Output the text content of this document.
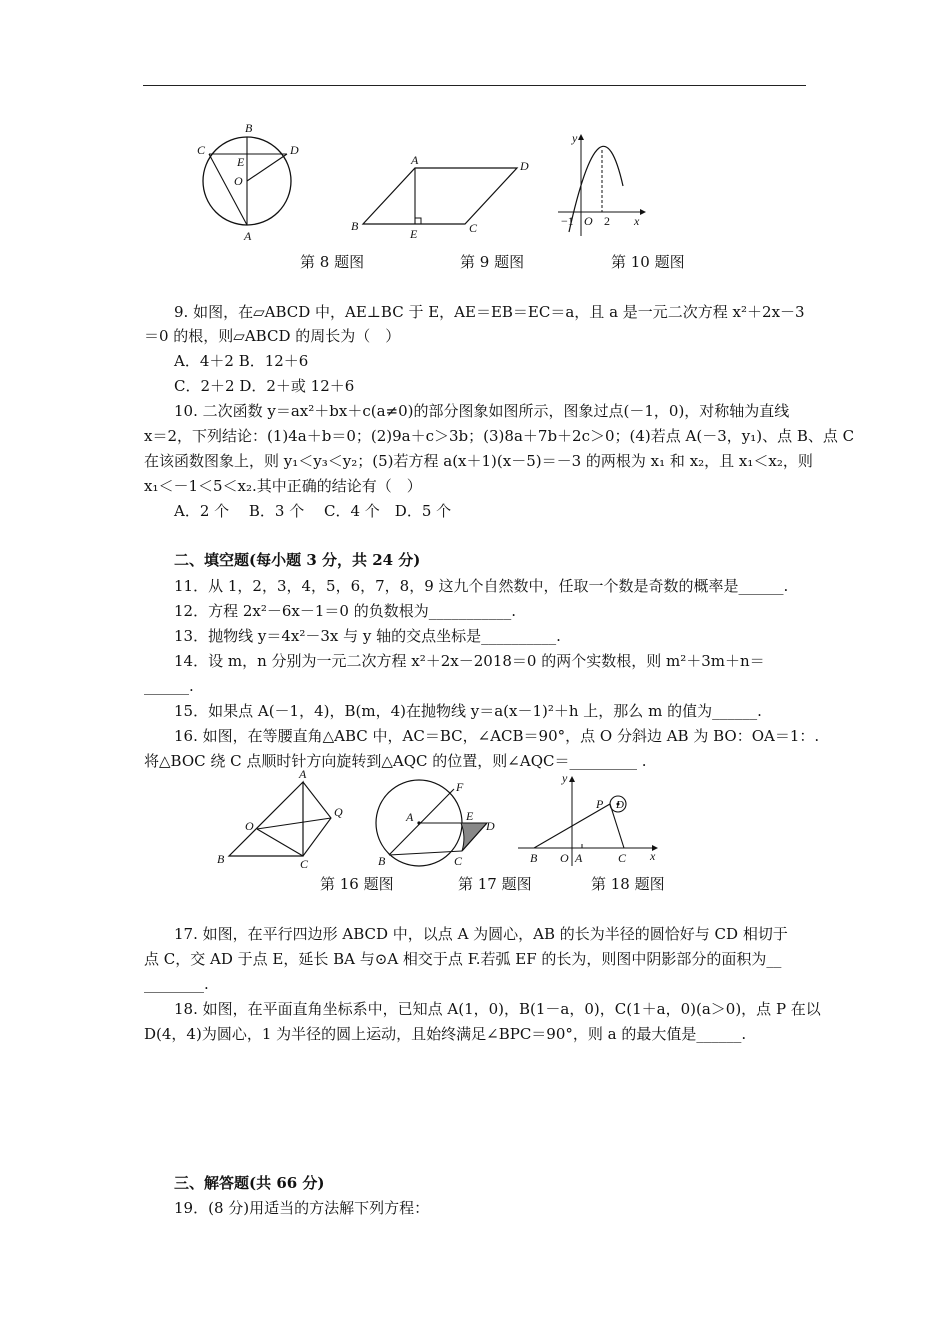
B
C	D
E
O
A
A	D
B
E	C
y
−1 O 2 x
第 8 题图	第 9 题图	第 10 题图
9. 如图，在▱ABCD 中，AE⊥BC 于 E，AE＝EB＝EC＝a，且 a 是一元二次方程 x²＋2x－3
＝0 的根，则▱ABCD 的周长为（　）
A．4＋2 B．12＋6
C．2＋2 D．2＋或 12＋6
10. 二次函数 y＝ax²＋bx＋c(a≠0)的部分图象如图所示，图象过点(－1，0)，对称轴为直线
x＝2，下列结论：(1)4a＋b＝0；(2)9a＋c＞3b；(3)8a＋7b＋2c＞0；(4)若点 A(－3，y₁)、点 B、点 C
在该函数图象上，则 y₁＜y₃＜y₂；(5)若方程 a(x＋1)(x－5)＝－3 的两根为 x₁ 和 x₂，且 x₁＜x₂，则
x₁＜－1＜5＜x₂.其中正确的结论有（　）
A．2 个　 B．3 个　 C．4 个　D．5 个
二、填空题(每小题 3 分，共 24 分)
11．从 1，2，3，4，5，6，7，8，9 这九个自然数中，任取一个数是奇数的概率是______.
12．方程 2x²－6x－1＝0 的负数根为___________.
13．抛物线 y＝4x²－3x 与 y 轴的交点坐标是__________.
14．设 m，n 分别为一元二次方程 x²＋2x－2018＝0 的两个实数根，则 m²＋3m＋n＝
______.
15．如果点 A(－1，4)，B(m，4)在抛物线 y＝a(x－1)²＋h 上，那么 m 的值为______.
16. 如图，在等腰直角△ABC 中，AC＝BC，∠ACB＝90°，点 O 分斜边 AB 为 BO：OA＝1：.
将△BOC 绕 C 点顺时针方向旋转到△AQC 的位置，则∠AQC＝_________ .
A
Q
O
B	C
F
A	E
D
B	C
y
P D
B O A	C x
第 16 题图	第 17 题图	第 18 题图
17. 如图，在平行四边形 ABCD 中，以点 A 为圆心，AB 的长为半径的圆恰好与 CD 相切于
点 C，交 AD 于点 E，延长 BA 与⊙A 相交于点 F.若弧 EF 的长为，则图中阴影部分的面积为__
________.
18. 如图，在平面直角坐标系中，已知点 A(1，0)，B(1－a，0)，C(1＋a，0)(a＞0)，点 P 在以
D(4，4)为圆心，1 为半径的圆上运动，且始终满足∠BPC＝90°，则 a 的最大值是______.
三、解答题(共 66 分)
19．(8 分)用适当的方法解下列方程：
